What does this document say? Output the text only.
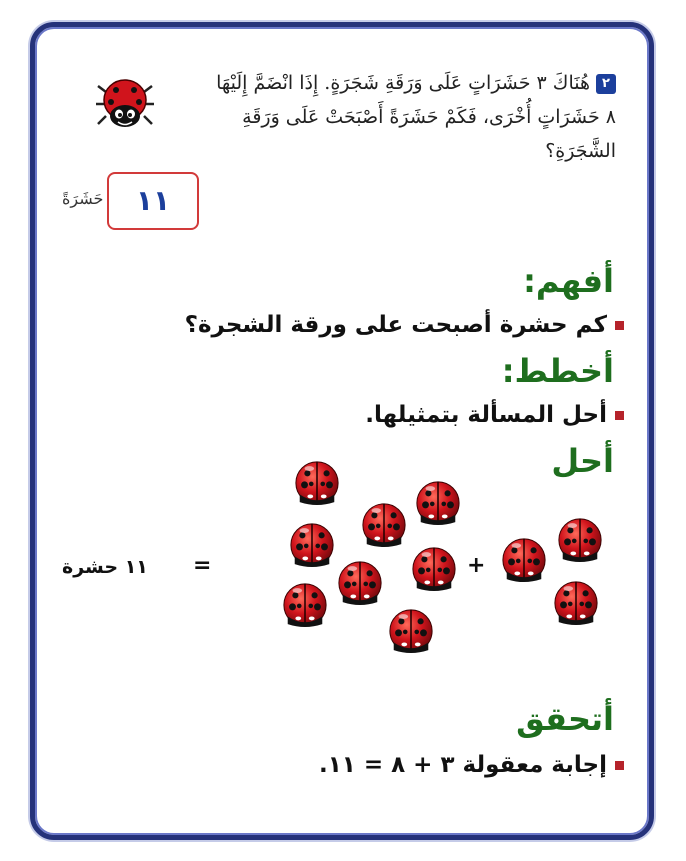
٢هُنَاكَ ٣ حَشَرَاتٍ عَلَى وَرَقَةِ شَجَرَةٍ. إِذَا انْضَمَّ إِلَيْهَا
٨ حَشَرَاتٍ أُخْرَى، فَكَمْ حَشَرَةً أَصْبَحَتْ عَلَى وَرَقَةِ
الشَّجَرَةِ؟
١١
حَشَرَةً
أفهم:
كم حشرة أصبحت على ورقة الشجرة؟
أخطط:
أحل المسألة بتمثيلها.
أحل
+
=
١١ حشرة
أتحقق
إجابة معقولة ٣ + ٨ = ١١.
